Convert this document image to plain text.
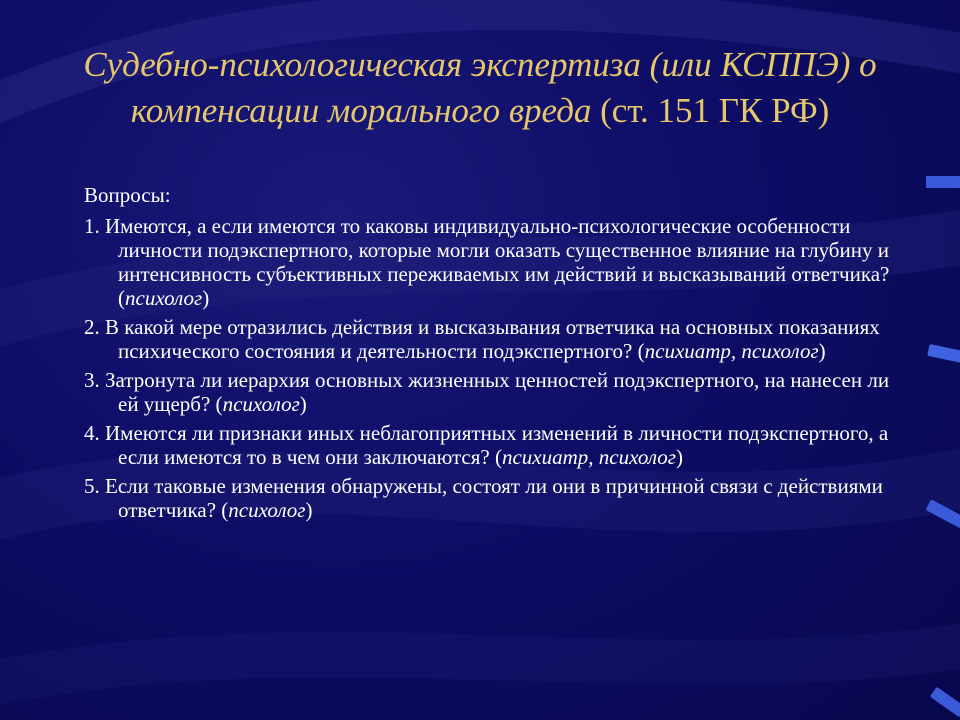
Судебно-психологическая экспертиза (или КСППЭ) о компенсации морального вреда (ст. 151 ГК РФ)
Вопросы:
1. Имеются, а если имеются то каковы индивидуально-психологические особенности личности подэкспертного, которые могли оказать существенное влияние на глубину и интенсивность субъективных переживаемых им действий и высказываний ответчика? (психолог)
2. В какой мере отразились действия и высказывания ответчика на основных показаниях психического состояния и деятельности подэкспертного? (психиатр, психолог)
3. Затронута ли иерархия основных жизненных ценностей подэкспертного, на нанесен ли ей ущерб? (психолог)
4. Имеются ли признаки иных неблагоприятных изменений в личности подэкспертного, а если имеются то в чем они заключаются? (психиатр, психолог)
5. Если таковые изменения обнаружены, состоят ли они в причинной связи с действиями ответчика? (психолог)
